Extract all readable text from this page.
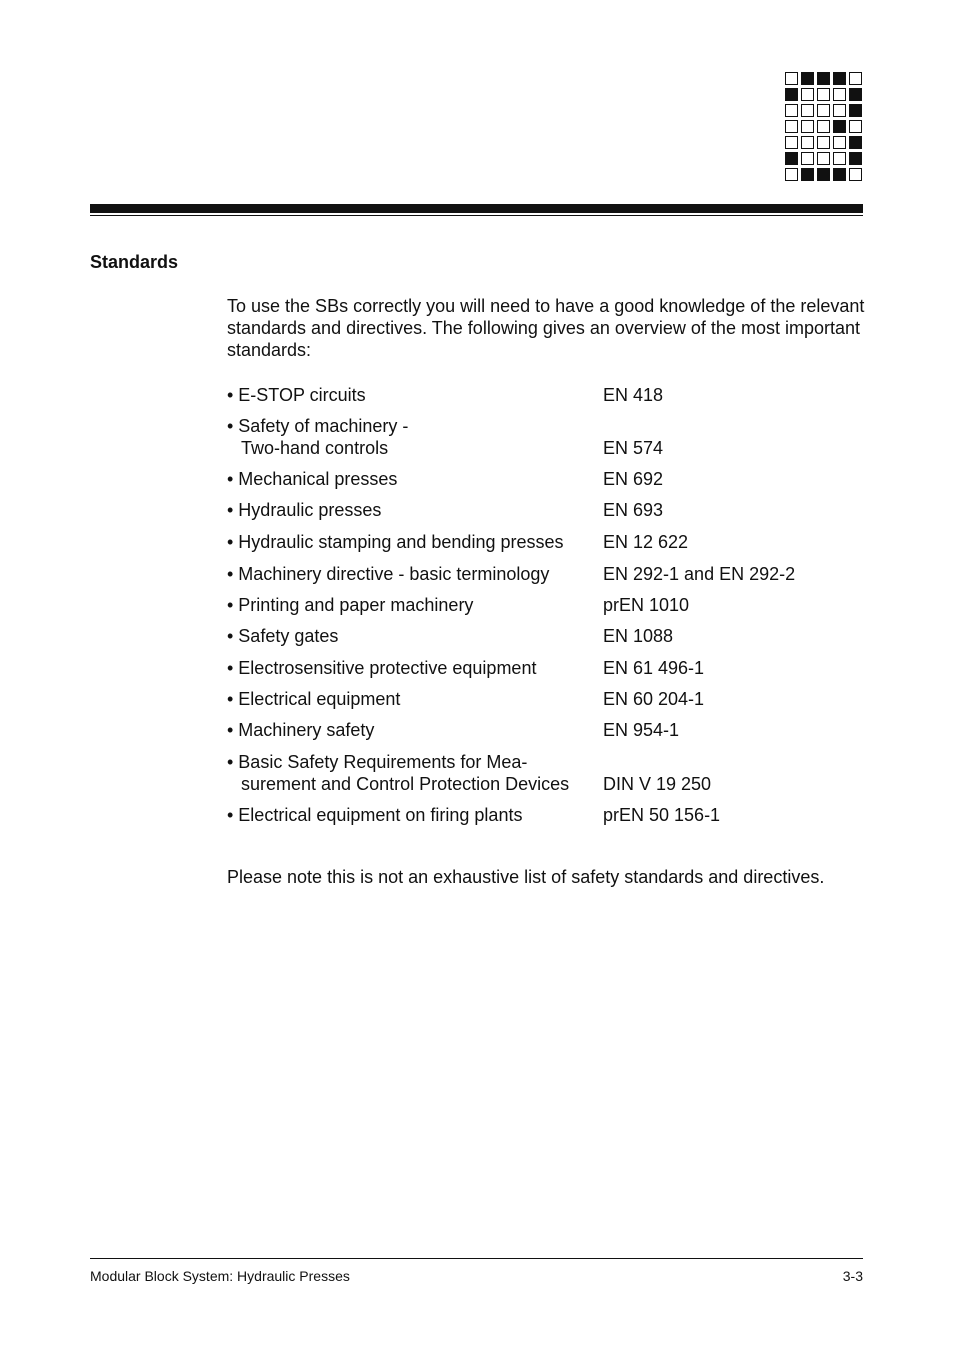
Standards

To use the SBs correctly you will need to have a good knowledge of the relevant standards and directives. The following gives an overview of the most important standards:

• E-STOP circuits	EN 418
• Safety of machinery -
Two-hand controls	EN 574
• Mechanical presses	EN 692
• Hydraulic presses	EN 693
• Hydraulic stamping and bending presses EN 12 622
• Machinery directive - basic terminology	EN 292-1 and EN 292-2
• Printing and paper machinery	prEN 1010
• Safety gates	EN 1088
• Electrosensitive protective equipment	EN 61 496-1
• Electrical equipment	EN 60 204-1
• Machinery safety	EN 954-1
• Basic Safety Requirements for Mea-
surement and Control Protection Devices DIN V 19 250
• Electrical equipment on firing plants	prEN 50 156-1

Please note this is not an exhaustive list of safety standards and directives.

Modular Block System: Hydraulic Presses	3-3
